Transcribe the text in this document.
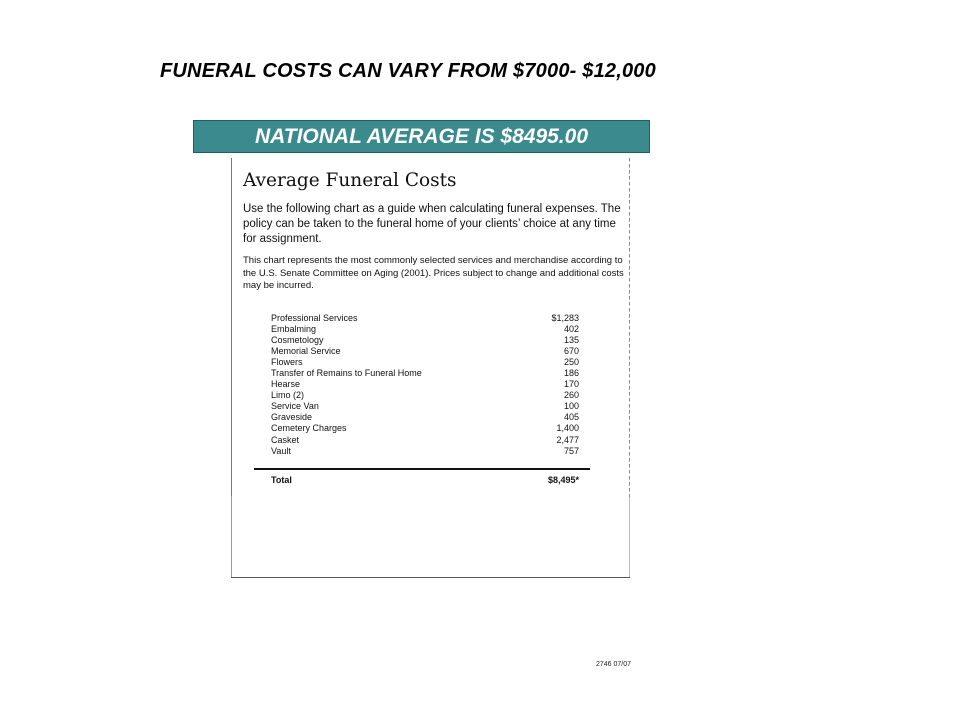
FUNERAL COSTS CAN VARY FROM $7000- $12,000
NATIONAL AVERAGE IS $8495.00
Average Funeral Costs
Use the following chart as a guide when calculating funeral expenses. The policy can be taken to the funeral home of your clients’ choice at any time for assignment.
This chart represents the most commonly selected services and merchandise according to the U.S. Senate Committee on Aging (2001). Prices subject to change and additional costs may be incurred.
Professional Services	$1,283
Embalming	402
Cosmetology	135
Memorial Service	670
Flowers	250
Transfer of Remains to Funeral Home	186
Hearse	170
Limo (2)	260
Service Van	100
Graveside	405
Cemetery Charges	1,400
Casket	2,477
Vault	757
Total	$8,495*
2746 07/07
